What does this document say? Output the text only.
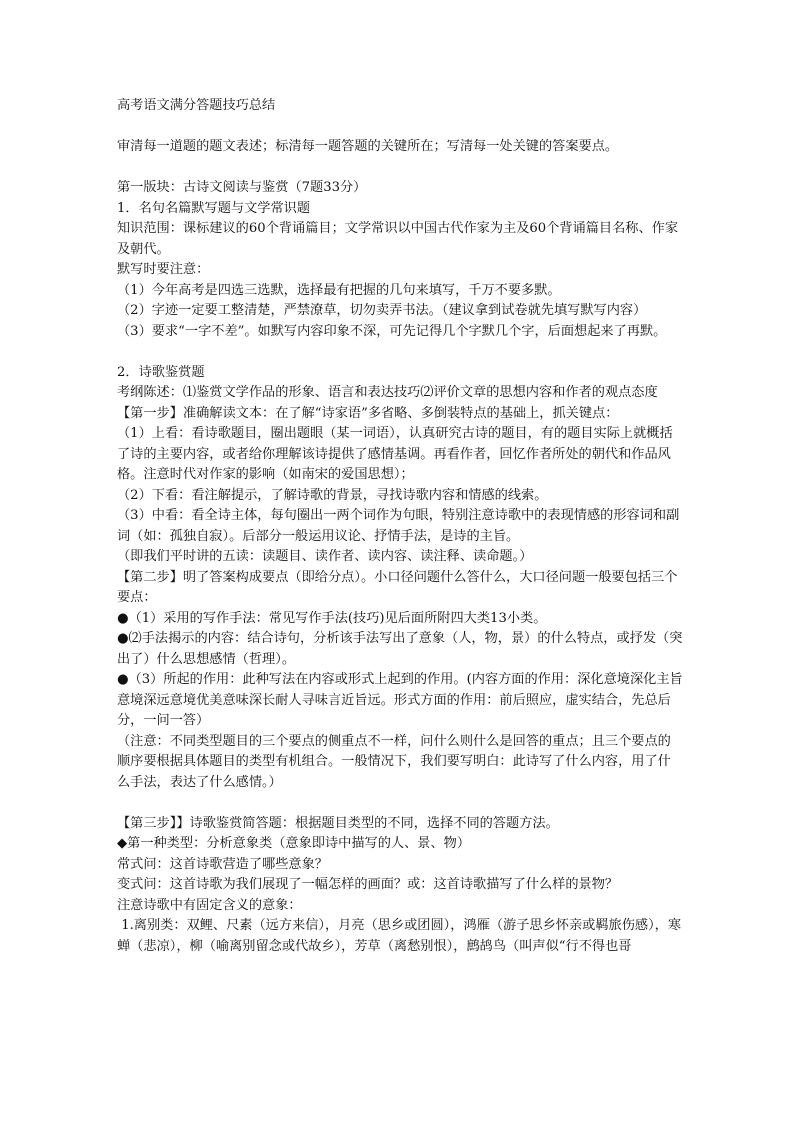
高考语文满分答题技巧总结
审清每一道题的题文表述；标清每一题答题的关键所在；写清每一处关键的答案要点。
第一版块：古诗文阅读与鉴赏（7题33分）
1．名句名篇默写题与文学常识题
知识范围：课标建议的60个背诵篇目；文学常识以中国古代作家为主及60个背诵篇目名称、作家及朝代。
默写时要注意：
（1）今年高考是四选三选默，选择最有把握的几句来填写，千万不要多默。
（2）字迹一定要工整清楚，严禁潦草，切勿卖弄书法。（建议拿到试卷就先填写默写内容）
（3）要求“一字不差”。如默写内容印象不深，可先记得几个字默几个字，后面想起来了再默。
2．诗歌鉴赏题
考纲陈述：⑴鉴赏文学作品的形象、语言和表达技巧⑵评价文章的思想内容和作者的观点态度
【第一步】准确解读文本：在了解“诗家语”多省略、多倒装特点的基础上，抓关键点：
（1）上看：看诗歌题目，圈出题眼（某一词语），认真研究古诗的题目，有的题目实际上就概括了诗的主要内容，或者给你理解该诗提供了感情基调。再看作者，回忆作者所处的朝代和作品风格。注意时代对作家的影响（如南宋的爱国思想）；
（2）下看：看注解提示，了解诗歌的背景，寻找诗歌内容和情感的线索。
（3）中看：看全诗主体，每句圈出一两个词作为句眼，特别注意诗歌中的表现情感的形容词和副词（如：孤独自寂）。后部分一般运用议论、抒情手法，是诗的主旨。
（即我们平时讲的五读：读题目、读作者、读内容、读注释、读命题。）
【第二步】明了答案构成要点（即给分点）。小口径问题什么答什么，大口径问题一般要包括三个要点：
●（1）采用的写作手法：常见写作手法(技巧)见后面所附四大类13小类。
●⑵手法揭示的内容：结合诗句，分析该手法写出了意象（人，物，景）的什么特点，或抒发（突出了）什么思想感情（哲理）。
●（3）所起的作用：此种写法在内容或形式上起到的作用。(内容方面的作用：深化意境深化主旨意境深远意境优美意味深长耐人寻味言近旨远。形式方面的作用：前后照应，虚实结合，先总后分，一问一答）
（注意：不同类型题目的三个要点的侧重点不一样，问什么则什么是回答的重点；且三个要点的顺序要根据具体题目的类型有机组合。一般情况下，我们要写明白：此诗写了什么内容，用了什么手法，表达了什么感情。）
【第三步】】诗歌鉴赏简答题：根据题目类型的不同，选择不同的答题方法。
◆第一种类型：分析意象类（意象即诗中描写的人、景、物）
常式问：这首诗歌营造了哪些意象？
变式问：这首诗歌为我们展现了一幅怎样的画面？或：这首诗歌描写了什么样的景物？
注意诗歌中有固定含义的意象：
1.离别类：双鲤、尺素（远方来信），月亮（思乡或团圆），鸿雁（游子思乡怀亲或羁旅伤感），寒蝉（悲凉），柳（喻离别留念或代故乡），芳草（离愁别恨），鹧鸪鸟（叫声似“行不得也哥
